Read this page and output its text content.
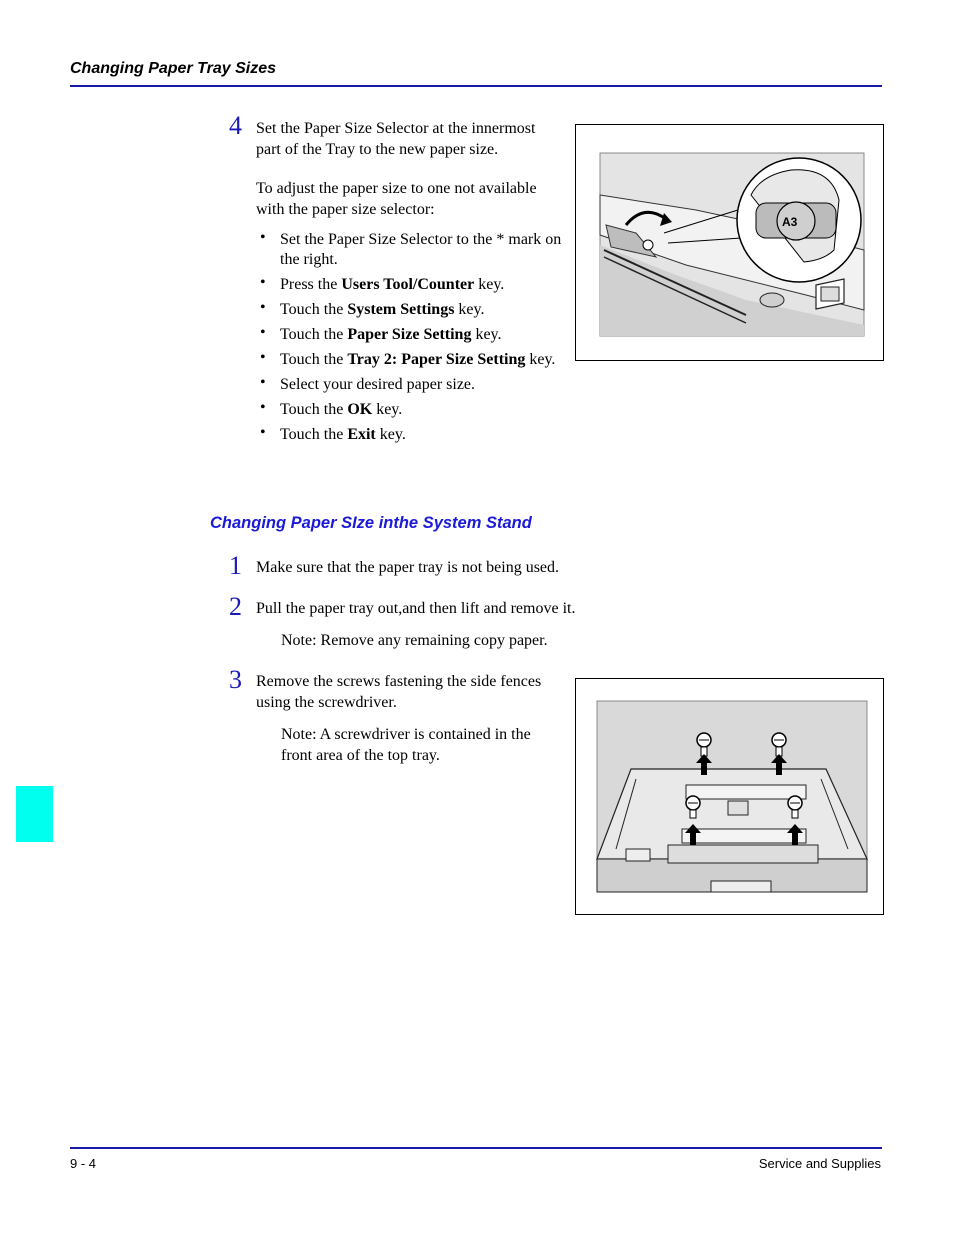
Changing Paper Tray Sizes
4 Set the Paper Size Selector at the innermost
part of the Tray to the new paper size.
To adjust the paper size to one not available
with the paper size selector:
• Set the Paper Size Selector to the * mark on the right.
• Press the Users Tool/Counter key.
• Touch the System Settings key.
• Touch the Paper Size Setting key.
• Touch the Tray 2: Paper Size Setting key.
• Select your desired paper size.
• Touch the OK key.
• Touch the Exit key.
A3
Changing Paper SIze inthe System Stand
1 Make sure that the paper tray is not being used.
2 Pull the paper tray out,and then lift and remove it.
Note: Remove any remaining copy paper.
3 Remove the screws fastening the side fences
using the screwdriver.
Note: A screwdriver is contained in the
front area of the top tray.
9 - 4	Service and Supplies
